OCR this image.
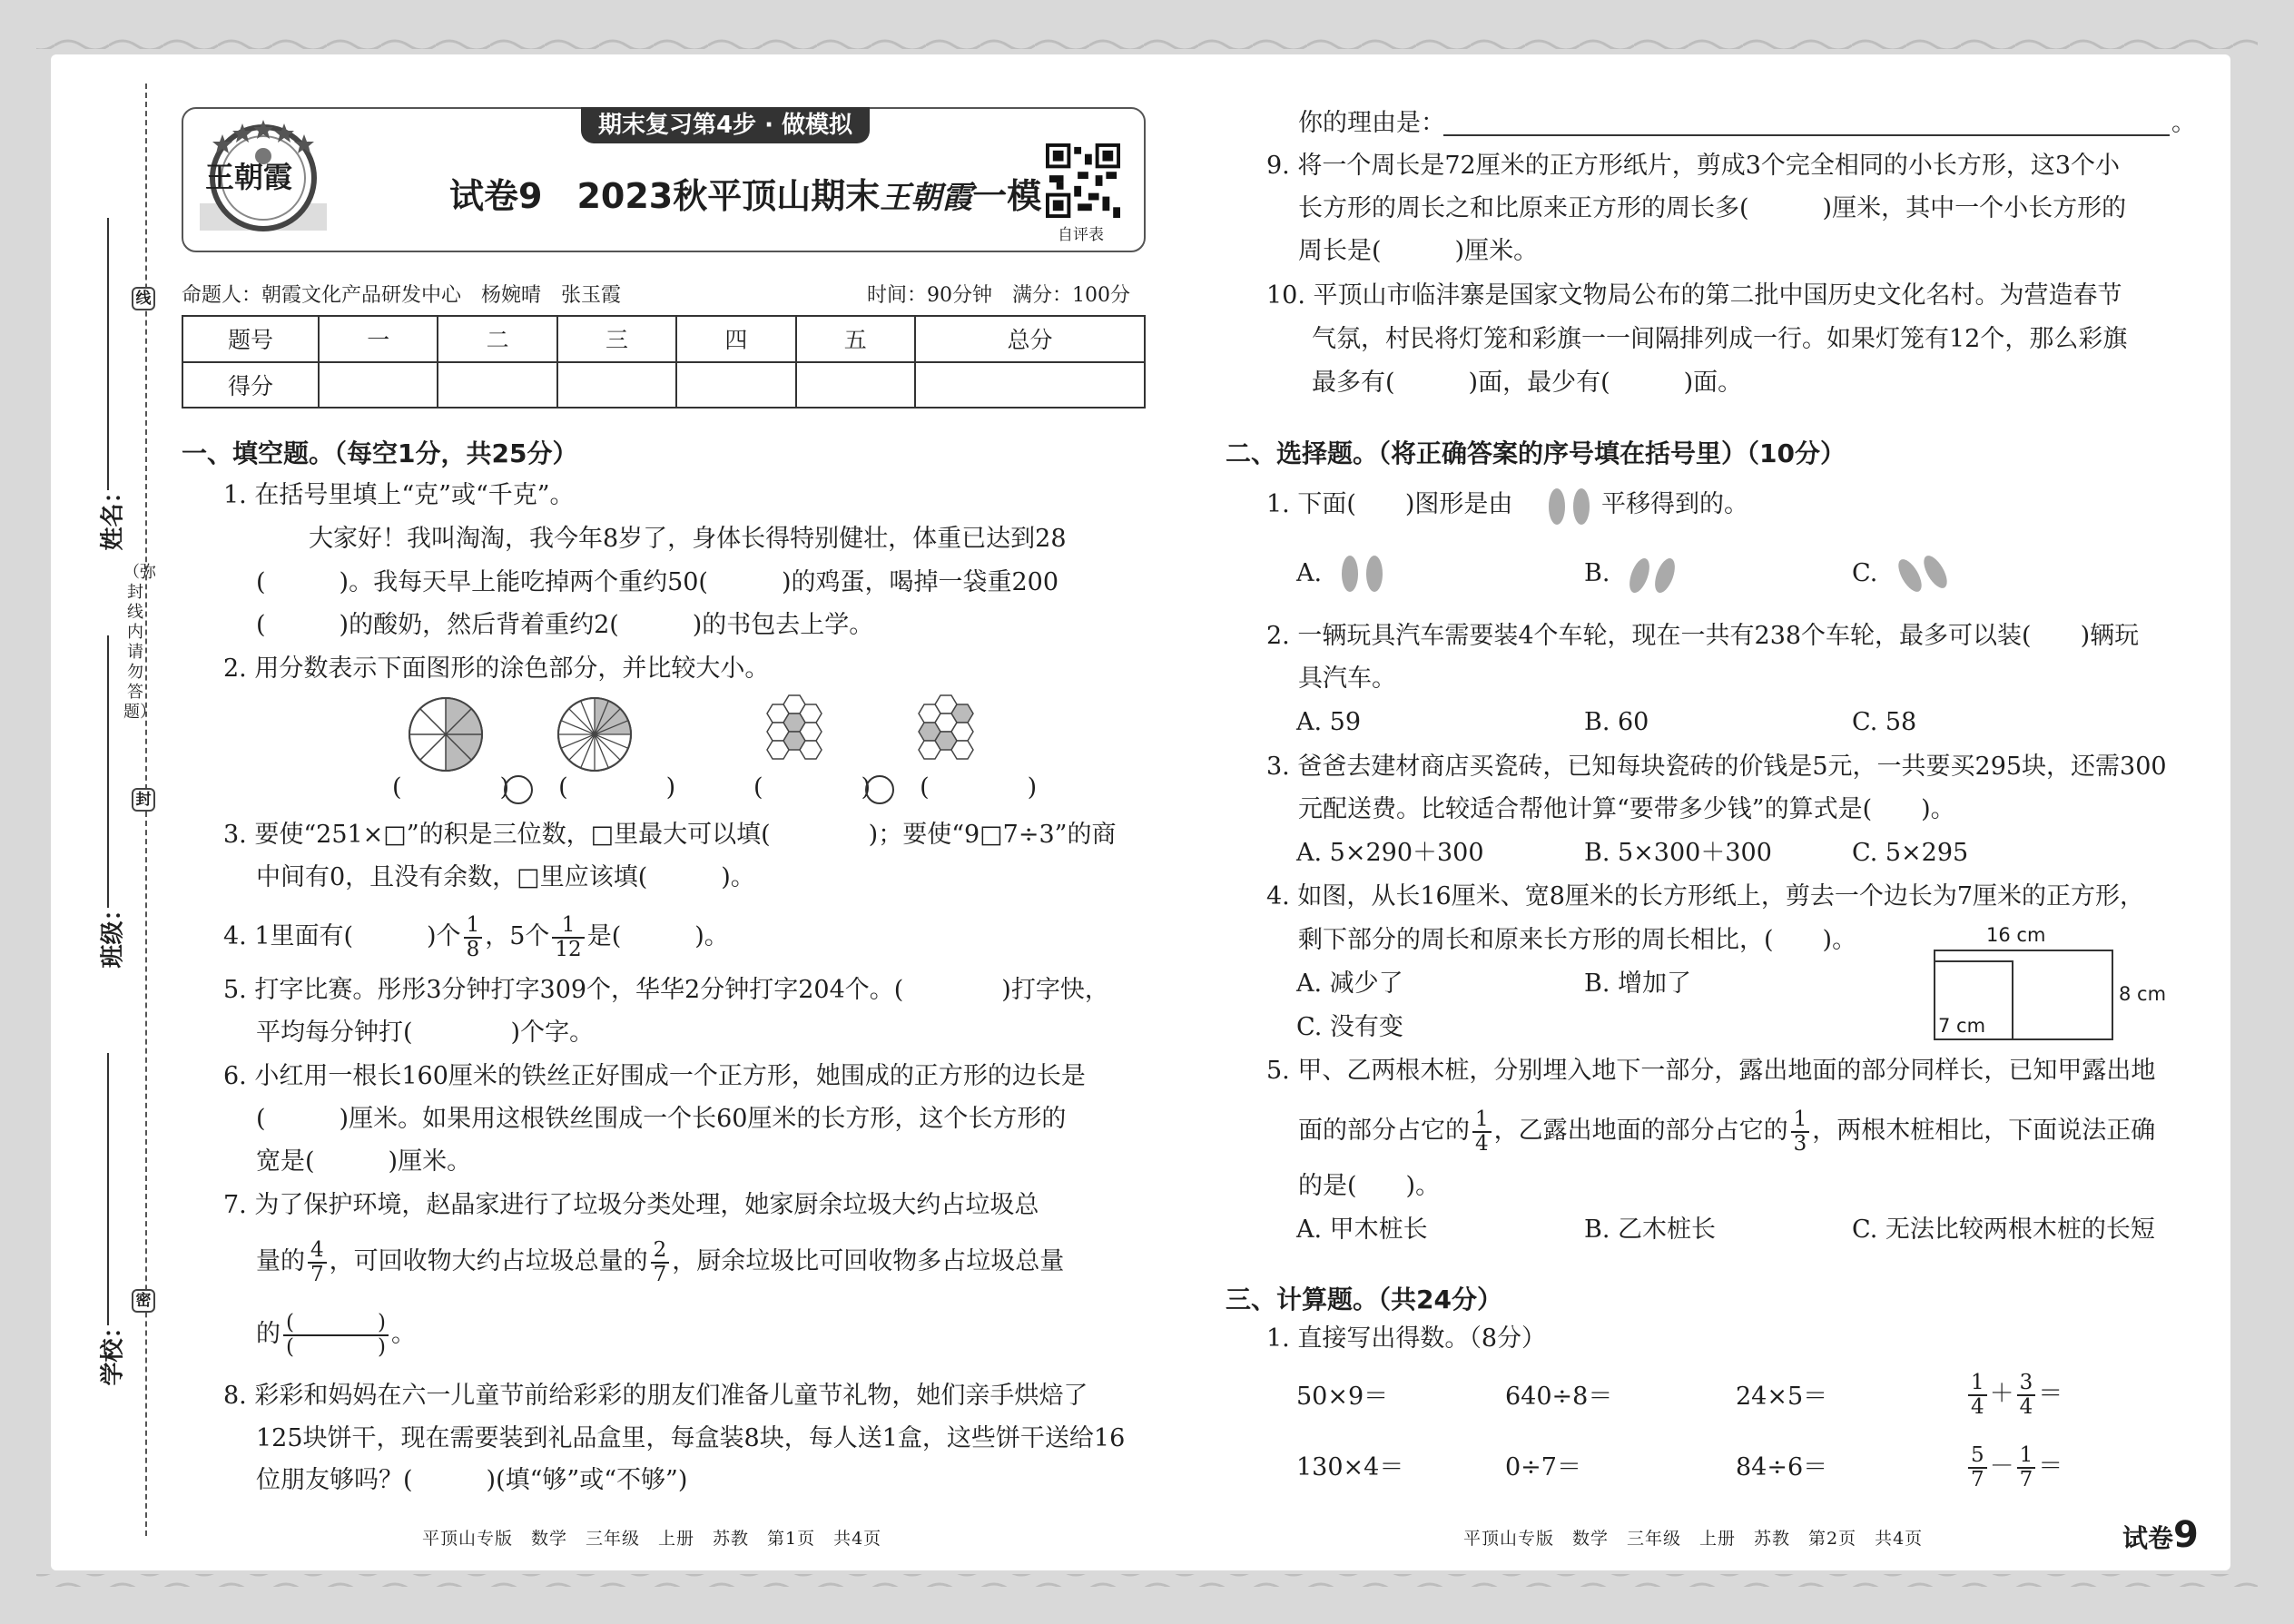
线
封
密
姓名：
班级：
学校：
（弥封线内请勿答题）
期末复习第4步 · 做模拟
王朝霞	试卷9　2023秋平顶山期末王朝霞一模
自评表
命题人：朝霞文化产品研发中心　杨婉晴　张玉霞	时间：90分钟　满分：100分
题号	一	二	三	四	五	总分
得分						
一、填空题。（每空1分，共25分）
1. 在括号里填上“克”或“千克”。
大家好！我叫淘淘，我今年8岁了，身体长得特别健壮，体重已达到28
(　　　)。我每天早上能吃掉两个重约50(　　　)的鸡蛋，喝掉一袋重200
(　　　)的酸奶，然后背着重约2(　　　)的书包去上学。
2. 用分数表示下面图形的涂色部分，并比较大小。
(　　　　)　　(　　　　)	(　　　　)　　(　　　　)
3. 要使“251×□”的积是三位数，□里最大可以填(　　　　)；要使“9□7÷3”的商
中间有0，且没有余数，□里应该填(　　　)。
4. 1里面有(　　　)个 $\frac{1}{8}$ ，5个 $\frac{1}{12}$ 是(　　　)。
5. 打字比赛。彤彤3分钟打字309个，华华2分钟打字204个。(　　　　)打字快，
平均每分钟打(　　　　)个字。
6. 小红用一根长160厘米的铁丝正好围成一个正方形，她围成的正方形的边长是
(　　　)厘米。如果用这根铁丝围成一个长60厘米的长方形，这个长方形的
宽是(　　　)厘米。
7. 为了保护环境，赵晶家进行了垃圾分类处理，她家厨余垃圾大约占垃圾总
量的 $\frac{4}{7}$ ，可回收物大约占垃圾总量的 $\frac{2}{7}$ ，厨余垃圾比可回收物多占垃圾总量
的 $\frac{( )}{( )}$ 。
8. 彩彩和妈妈在六一儿童节前给彩彩的朋友们准备儿童节礼物，她们亲手烘焙了
125块饼干，现在需要装到礼品盒里，每盒装8块，每人送1盒，这些饼干送给16
位朋友够吗？(　　　)(填“够”或“不够”)
平顶山专版　数学　三年级　上册　苏教　第1页　共4页
你的理由是：	。
9. 将一个周长是72厘米的正方形纸片，剪成3个完全相同的小长方形，这3个小
长方形的周长之和比原来正方形的周长多(　　　)厘米，其中一个小长方形的
周长是(　　　)厘米。
10. 平顶山市临沣寨是国家文物局公布的第二批中国历史文化名村。为营造春节
气氛，村民将灯笼和彩旗一一间隔排列成一行。如果灯笼有12个，那么彩旗
最多有(　　　)面，最少有(　　　)面。
二、选择题。（将正确答案的序号填在括号里）（10分）
1. 下面(　　)图形是由	平移得到的。
A.	B.	C.
2. 一辆玩具汽车需要装4个车轮，现在一共有238个车轮，最多可以装(　　)辆玩
具汽车。
A. 59	B. 60	C. 58
3. 爸爸去建材商店买瓷砖，已知每块瓷砖的价钱是5元，一共要买295块，还需300
元配送费。比较适合帮他计算“要带多少钱”的算式是(　　)。
A. 5×290＋300	B. 5×300＋300	C. 5×295
4. 如图，从长16厘米、宽8厘米的长方形纸上，剪去一个边长为7厘米的正方形，
剩下部分的周长和原来长方形的周长相比，(　　)。
A. 减少了	B. 增加了
C. 没有变
16 cm
8 cm
7 cm
5. 甲、乙两根木桩，分别埋入地下一部分，露出地面的部分同样长，已知甲露出地
面的部分占它的 $\frac{1}{4}$ ，乙露出地面的部分占它的 $\frac{1}{3}$ ，两根木桩相比，下面说法正确
的是(　　)。
A. 甲木桩长	B. 乙木桩长	C. 无法比较两根木桩的长短
三、计算题。（共24分）
1. 直接写出得数。（8分）
50×9＝	640÷8＝	24×5＝	$\frac{1}{4} + \frac{3}{4}$ ＝
130×4＝	0÷7＝	84÷6＝	$\frac{5}{7} - \frac{1}{7}$ ＝
平顶山专版　数学　三年级　上册　苏教　第2页　共4页	试卷9
